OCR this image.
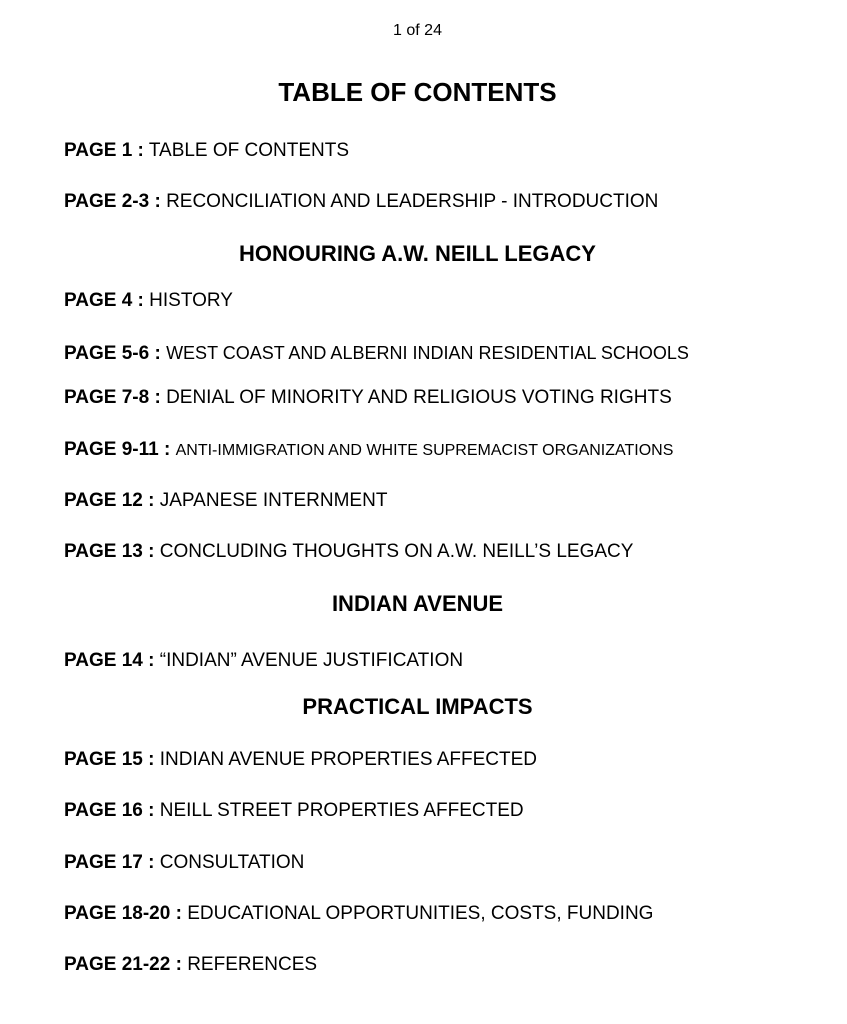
1 of 24
TABLE OF CONTENTS
PAGE 1 : TABLE OF CONTENTS
PAGE 2-3 : RECONCILIATION AND LEADERSHIP - INTRODUCTION
HONOURING A.W. NEILL LEGACY
PAGE 4 : HISTORY
PAGE 5-6 : WEST COAST AND ALBERNI INDIAN RESIDENTIAL SCHOOLS
PAGE 7-8 : DENIAL OF MINORITY AND RELIGIOUS VOTING RIGHTS
PAGE 9-11 : ANTI-IMMIGRATION AND WHITE SUPREMACIST ORGANIZATIONS
PAGE 12 : JAPANESE INTERNMENT
PAGE 13 : CONCLUDING THOUGHTS ON A.W. NEILL’S LEGACY
INDIAN AVENUE
PAGE 14 : “INDIAN” AVENUE JUSTIFICATION
PRACTICAL IMPACTS
PAGE 15 : INDIAN AVENUE PROPERTIES AFFECTED
PAGE 16 : NEILL STREET PROPERTIES AFFECTED
PAGE 17 : CONSULTATION
PAGE 18-20 : EDUCATIONAL OPPORTUNITIES, COSTS, FUNDING
PAGE 21-22 : REFERENCES
